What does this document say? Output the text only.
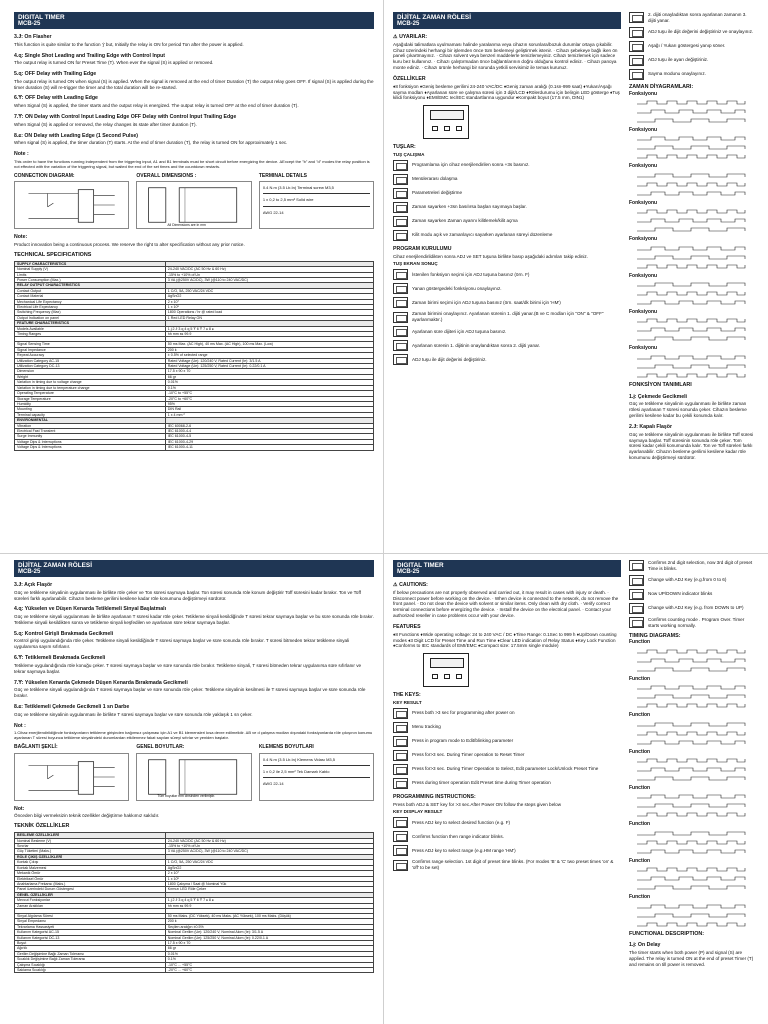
DIGITAL TIMER
MCB-25
3.Ɉ: On Flasher

This function is quite similar to the function 'ɉ' but, Initially the relay is ON for period Ton after the power is applied.

4.ɋ: Single Shot Leading and Trailing Edge with Control Input

The output relay is turned ON for Preset Time (T). When ever the signal (S) is applied or removed.

5.ɋ: OFF Delay with Trailing Edge

The output relay is turned ON when signal (S) is applied. When the signal is removed at the end of timer Duration (T) the output relay goes OFF. If signal (S) is applied during the timer duration (S) will re-trigger the timer and the total duration will be re-started.

6.Ɏ: OFF Delay with Leading Edge

When Signal (S) is applied, the timer starts and the output relay is energized. The output relay is turned OFF at the end of timer duration (T).

7.Ɏ: ON Delay with Control Input Leading Edge OFF Delay with Control Input Trailing Edge

When Signal (S) is applied or removed, the relay changes its state after timer duration (T).

8.ɕ: ON Delay with Leading Edge (1 Second Pulse)

When signal (S) is applied, the timer duration (T) starts. At the end of timer duration (T), the relay is turned ON for approximately 1 sec.

Note :

This order to have the functions running independent from the triggering input, A1 and B1 terminals must be short circuit before energizing the device. ΔExcept the "b" and "d" modes the relay position is not effected with the variation of the triggering signal, but waited the end of the set times and the countdown restarts.

CONNECTION DIAGRAM:	OVERALL DIMENSIONS :
All Dimensions are in mm
TERMINAL DETAILS
0.4 N.m (3.5 Lb.In) Terminal screw M3,5
1 x 0,2 to 2,5 mm² Solid wire
AWG 22-14
Note:

Product innovation being a continuous process. We reserve the right to alter specification without any prior notice.

TECHNICAL SPECIFICATIONS
SUPPLY CHARACTERISTICS	
Nominal Supply (V)	24-240 VAC/DC (AC 50 Hz & 60 Hz)
Limits	-15% to +10% of Un
Power Consumption (Max.)	3 VA (@250V AC/DC), 3W (@110 to 240 VAC/DC)
RELAY OUTPUT CHARACTERISTICS	
Contact Output	1 C/O, 5A, 250 VAC/24 VDC
Contact Material	AgSnO2
Mechanical Life Expectancy	2 x 10⁷
Electrical Life Expectancy	1 x 10⁵
Switching Frequency (Max)	1800 Operations / hr @ rated load
Output Indication on panel	1 Red LED Relay ON
FEATURE CHARACTERISTICS	
Models Available	1 ɉ 2 Ɉ 3 ɋ 4 ɋ 5 Ɏ 6 Ɏ 7 ɕ 8 ɕ
Timing Ranges	hh mm ss 99.9

Signal Sensing Time	50 ms Max. (AC High), 40 ms Max. (AC High), 100 ms Max. (Low)
Signal Impedance	200 k
Repeat Accuracy	± 0.5% of selected range
Utilization Category AC-15	Rated Voltage (Ue): 120/240 V, Rated Current (Ie): 3/1.5 A
Utilization Category DC-13	Rated Voltage (Ue): 125/250 V, Rated Current (Ie): 0.22/0.1 A
Dimension	17.5 x 90 x 70
Weight	66 gr
Variation in timing due to voltage change	0.01%
Variation in timing due to temperature change	0.1%
Operating Temperature	-10°C to +55°C
Storage Temperature	-20°C to +60°C
Humidity	95%
Mounting	DIN Rail
Terminal capacity	1 x 4 mm ²
ENVIRONMENTAL	
Vibration	IEC 60068-2-6
Electrical Fast Transient	IEC 61000-4-4
Surge Immunity	IEC 61000-4-5
Voltage Dips & Interruptions	IEC 61000-4-29
Voltage Dips & Interruptions	IEC 61000-4-11
DİJİTAL ZAMAN RÖLESİ
MCB-25
⚠ UYARILAR:

Aşağıdaki talimatlara uyulmaması halinde yaralanma veya cihazın sorunlara/bozuk durumlar ortaya çıkabilir. Cihaz üzerindeki herhangi bir işlemden önce tüm beslemeyi geliştirmek istenir. · Cihazı şebekeye bağlı iken ön paneli çıkartmayınız. · Cihazı solvent veya benzeri maddelerle temizlemeyiniz. Cihazı temizlemek için sadece kuru bez kullanınız. · Cihazı çalıştırmadan önce bağlantılarının doğru olduğunu kontrol ediniz. · Cihazı panoya monte ediniz. · Cihazı ürünle herhangi bir sorunda yetkili servisimiz ile temas kurunuz.

ÖZELLİKLER

♦8 fonksiyon ♦Geniş besleme gerilimi 24-240 VAC/DC ♦Geniş zaman aralığı (0.1sn-999 saat) ♦Yukarı/Aşağı sayma modları ♦Ayarlanan süre ve çalışma süresi için 3 dijit/LCD ♦Rölerdurumu için belirgin LED gösterge ♦Tuş kilidi fonksiyonu ♦EMI/EMC Iec/IEC standartlarına uygundur ♦Kompakt boyut (17.5 mm, DIN1)

TUŞLAR:
TUŞ ÇALIŞMA
Programlama için cihaz enerjilendirilen sonra +3s basınız.
Menülerarası dolaşma
Parametreleri değiştirme
Zaman sayarken +3sn basılırsa başlan sayımaya başlar.
Zaman sayarken Zaman ayarını kilitlemek/kilit açma
Kilit modu açık ve zamanlayıcı sayarken ayarlanan süreyi düzenleme
PROGRAM KURULUMU

Cihaz enerjilendirildikten sonra ADJ ve SET tuşuna birlikte basıp aşağıdaki adımları takip ediniz.

TUŞ EKRAN SONUÇ
İstenilen fonksiyon seçimi için ADJ tuşuna basınız (örn. F)
Yanan göstergedeki fonksiyonu onaylayınız.
Zaman birimi seçimi için ADJ tuşuna basınız (örn. saat/dk birimi için 'HM')
Zaman birimini onaylayınız. Ayarlanan sürenin 1. dijiti yanar.(B ve C modları için "ON" & "OFF" ayarlanmaktır.)
Ayarlanan süre dijiteri için ADJ tuşuna basınız.
Ayarlanan sürenin 1. dijitinin onaylandıktan sonra 2. dijiti yanar.
ADJ tuşu ile dijit değerini değiştiriniz.
2. dijiti onayladıktan sonra ayarlanan zamanın 3. dijiti yanar.
ADJ tuşu ile dijit değerini değiştiriniz ve onaylayınız.
Aşağı / Yukarı göstergesi yanıp söner.
ADJ tuşu ile ayarı değiştiriniz.
Sayma modunu onaylayınız.
ZAMAN DİYAGRAMLARI:
Fonksiyonu
Fonksiyonu
Fonksiyonu
Fonksiyonu
Fonksiyonu
Fonksiyonu
Fonksiyonu
Fonksiyonu
FONKSİYON TANIMLARI
1.ɉ: Çekmede Gecikmeli

Güç ve tetikleme sinyalinin uygulanması ile birlikte zaman rölesi ayarlanan T süresi sonunda çeker. Cihazın besleme gerilimi kesilene kadar bu çekili konumda kalır.

2.Ɉ: Kapalı Flaşör

Güç ve tetikleme sinyalinin uygulanması ile birlikte Toff süresi saymaya başlar. Toff süresinin sonunda röle çeker. Tom süresi kadar çekili konumunda kalır. Ton ve Toff süreleri farklı ayarlanabilir. Cihazın besleme gerilimi kesilene kadar röle konumunu değiştirmeyi sürdürür.

DİJİTAL ZAMAN RÖLESİ
MCB-25
3.Ɉ: Açık Flaşör

Güç ve tetikleme sinyalinin uygulanması ile birlikte röle çeker ve Ton süresi saymaya başlar. Ton süresi sonunda röle konum değiştirir Toff süresini kadar bırakır. Ton ve Toff süreleri farklı ayarlanabilir. Cihazın besleme gerilimi kesilene kadar röle konumunu değiştirmeyi sürdürür.

4.ɋ: Yükselen ve Düşen Kenarda Tetiklemeli Sinyal Başlatmalı

Güç ve tetikleme sinyali uygulanması ile birlikte ayarlanan T süresi kadar röle çeker. Tetikleme sinyali kesildiğinde T süresi tekrar saymaya başlar ve bu süre sonunda röle bırakır. Tetikleme sinyali kesildikten sonra ve tetikleme sinyali keşfedilen ve ayarlanan süre tekrar saymaya başlar.

5.ɋ: Kontrol Girişli Bırakmada Gecikmeli

Kontrol girişi uygulandığında röle çeker. Tetikleme sinyali kesildiğinde T süresi saymaya başlar ve süre sonunda röle bırakır. T süresi bitmeden tekrar tetikleme sinyali uygulanırsa sayım sıfırlanır.

6.Ɏ: Tetiklemeli Bırakmada Gecikmeli

Tetikleme uygulandığında röle konuğu çeker. T süresi saymaya başlar ve süre sonunda röle bırakır. Tetikleme sinyali, T süresi bitmeden tekrar uygulanırsa süre sıfırlanır ve tekrar saymaya başlar.

7.Ɏ: Yükselen Kenarda Çekmede Düşen Kenarda Bırakmada Gecikmeli

Güç ve tetikleme sinyali uygulandığında T süresi saymaya başlar ve süre sonunda röle çeker. Tetikleme sinyalinin kesilmesi ile T süresi saymaya başlar ve süre sonunda röle bırakır.

8.ɕ: Tetiklemeli Çekmede Gecikmeli 1 sn Darbe

Güç ve tetikleme sinyalinin uygulanması ile birlikte T süresi saymaya başlar ve süre sonunda röle yaklaşık 1 sn çeker.

Not :

1.Cihaz enerjilendirildiğinde fonksiyonların tetikleme girişinden bağımsız çalışması için A1 ve B1 klemensleri kısa devre edilmelidir. ΔB ve d çalışma modları dışındaki fonksiyonlarda röle çıkışının konumu ayarlanan T süresi boyunca tetikleme sinyalindeki durumlardan etkilenmez fakat sayılan süreyi sıfırlar ve yeniden başlatır.

BAĞLANTI ŞEKLİ:	GENEL BOYUTLAR:
Tüm boyutlar mm cinsinden verilmiştir.
KLEMENS BOYUTLARI
0.4 N.m (3.5 Lb.In) Klemens Vidası M3,5
1 x 0,2 ile 2,5 mm² Tek Damarlı Kablo
AWG 22-14
Not:

Önceden bilgi vermeksizin teknik özellikler değiştirme hakkımız saklıdır.

TEKNİK ÖZELLİKLER
BESLEME ÖZELLİKLERİ	
Nominal Besleme (V)	24-240 VAC/DC (AC 50 Hz & 60 Hz)
Sınırlar	-15% to +10% of Un
Güç Tüketimi (Maks.)	3 VA (@250V AC/DC), 3W (@110 to 240 VAC/DC)
RÖLE ÇIKIŞ ÖZELLİKLERİ	
Kontak Çıkışı	1 C/O, 5A, 250 VAC/24 VDC
Kontak Malzemesi	AgSnO2
Mekanik Ömür	2 x 10⁷
Elektriksel Ömür	1 x 10⁵
Anahtarlama Frekansı (Maks.)	1800 Çalışma / Saat @ Nominal Yük
Panel üzerindeki Durum Göstergesi	Kırmızı LED Röle Çeker
GENEL ÖZELLİKLER	
Mevcut Fonksiyonlar	1 ɉ 2 Ɉ 3 ɋ 4 ɋ 5 Ɏ 6 Ɏ 7 ɕ 8 ɕ
Zaman Aralıkları	hh mm ss 99.9

Sinyal Algılama Süresi	50 ms Maks. (DC Yüksek), 40 ms Maks. (AC Yüksek), 100 ms Maks. (Düşük)
Sinyal Empedansı	200 k
Tekrarlama Hassasiyeti	Seçilen aralığın ±0.5%
Kullanım Kategorisi AC-15	Nominal Gerilim (Ue): 120/240 V, Nominal Akım (Ie): 3/1.5 A
Kullanım Kategorisi DC-13	Nominal Gerilim (Ue): 125/250 V, Nominal Akım (Ie): 0.22/0.1 A
Boyut	17.5 x 90 x 70
Ağırlık	66 gr
Gerilim Değişimine Bağlı Zaman Toleransı	0.01%
Sıcaklık Değişimine Bağlı Zaman Toleransı	0.1%
Çalışma Sıcaklığı	-10°C ... +55°C
Saklama Sıcaklığı	-20°C ... +60°C
DIGITAL TIMER
MCB-25
⚠ CAUTIONS:

If below precautions are not properly observed and carried out, it may result in cases with injury or death. · Disconnect power before working on the device. · When device is connected to the network, do not remove the front panel. · Do not clean the device with solvent or similar items. Only clean with dry cloth. · Verify correct terminal connections before energizing the device. · Install the device on the electrical panel. · Contact your authorized reseller in case problems occur with your device.

FEATURES

♦8 Functions ♦Wide operating voltage: 24 to 240 VAC / DC ♦Time Range: 0.1Sec to 999 h ♦Up/Down counting modes ♦3 Digit LCD for Preset Time and Run Time ♦Clear LED indication of Relay Status ♦Key Lock Function ♦Conforms to IEC standards of EMI/EMC ♦Compact size: 17.5mm single module)

THE KEYS:
KEY RESULT
Press both >3 sec for programming after power on
Menu tracking
Press in program mode to Edit/blinking parameter
Press for>3 sec. During Timer operation to Reset Timer
Press for>3 sec. During Timer Operation to Select, Edit parameter Lock/Unlock Preset Time
Press during timer operation Edit Preset time during Timer operation
PROGRAMMING INSTRUCTIONS:

Press both ADJ & SET key for >3 sec.After Power ON follow the steps given below

KEY DISPLAY RESULT
Press ADJ key to select desired function (e.g. F)
Confirms function then range indicator blinks.
Press ADJ key to select range (e.g.HM range 'HM')
Confirms range selection. 1st digit of preset time blinks. (For modes 'B' & 'C' two preset times 'on' & 'off' to be set)
Confirms 2nd digit selection, now 3rd digit of preset Time is blinks.
Change with ADJ Key (e.g.from 0 to 6)
Now UP/DOWN indicator blinks
Change with ADJ Key (e.g. from DOWN to UP)
Confirms counting mode . Program Over. Timer starts working normally.
TIMING DIAGRAMS:
Function
Function
Function
Function
Function
Function
Function
Function
FUNCTIONAL DESCRIPTION:
1.ɉ: On Delay

The timer starts when both power (P) and signal (S) are applied. The relay is turned ON at the end of preset Timer (T) and remains on till power is removed.
